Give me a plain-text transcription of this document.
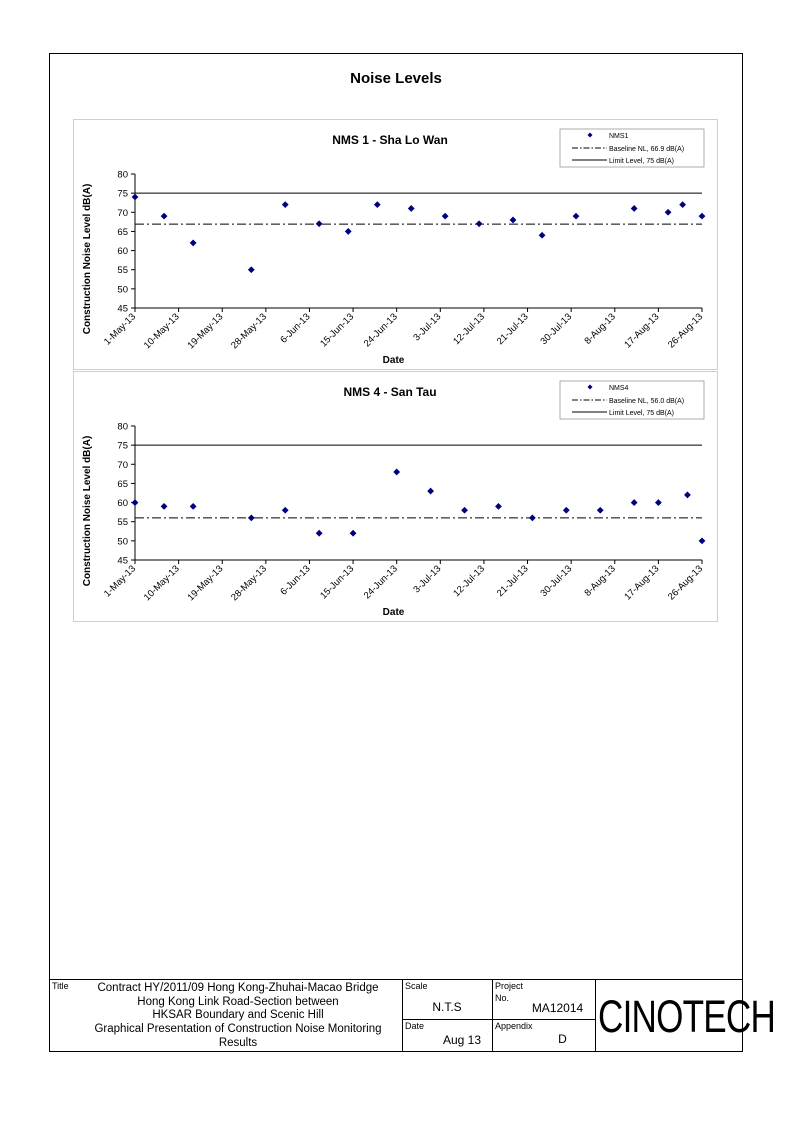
Noise Levels
NMS 1 - Sha Lo Wan
45
50
55
60
65
70
75
80
1-May-13 10-May-13 19-May-13 28-May-13 6-Jun-13 15-Jun-13 24-Jun-13 3-Jul-13 12-Jul-13 21-Jul-13 30-Jul-13 8-Aug-13 17-Aug-13 26-Aug-13
Date
Construction Noise Level dB(A)
NMS1
Baseline NL, 66.9 dB(A)
Limit Level, 75 dB(A)
NMS 4 - San Tau
45
50
55
60
65
70
75
80
1-May-13 10-May-13 19-May-13 28-May-13 6-Jun-13 15-Jun-13 24-Jun-13 3-Jul-13 12-Jul-13 21-Jul-13 30-Jul-13 8-Aug-13 17-Aug-13 26-Aug-13
Date
Construction Noise Level dB(A)
NMS4
Baseline NL, 56.0 dB(A)
Limit Level, 75 dB(A)
Title	Contract HY/2011/09 Hong Kong-Zhuhai-Macao Bridge
Hong Kong Link Road-Section between
HKSAR Boundary and Scenic Hill
Graphical Presentation of Construction Noise Monitoring
Results
Scale
N.T.S
Date
Aug 13
Project
No.
MA12014
Appendix
D CINOTECH
